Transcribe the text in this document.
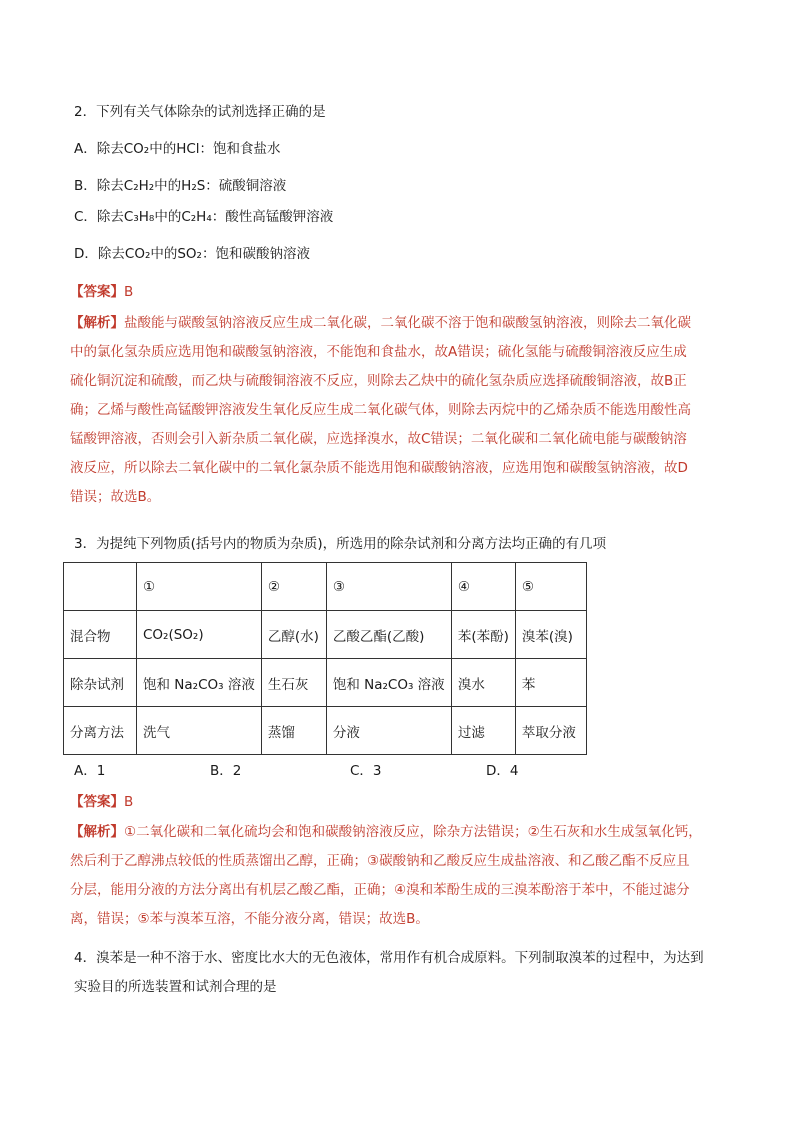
2．下列有关气体除杂的试剂选择正确的是
A．除去CO₂中的HCl：饱和食盐水
B．除去C₂H₂中的H₂S：硫酸铜溶液
C．除去C₃H₈中的C₂H₄：酸性高锰酸钾溶液
D．除去CO₂中的SO₂：饱和碳酸钠溶液
【答案】B

【解析】盐酸能与碳酸氢钠溶液反应生成二氧化碳，二氧化碳不溶于饱和碳酸氢钠溶液，则除去二氧化碳

中的氯化氢杂质应选用饱和碳酸氢钠溶液，不能饱和食盐水，故A错误；硫化氢能与硫酸铜溶液反应生成

硫化铜沉淀和硫酸，而乙炔与硫酸铜溶液不反应，则除去乙炔中的硫化氢杂质应选择硫酸铜溶液，故B正

确；乙烯与酸性高锰酸钾溶液发生氧化反应生成二氧化碳气体，则除去丙烷中的乙烯杂质不能选用酸性高

锰酸钾溶液，否则会引入新杂质二氧化碳，应选择溴水，故C错误；二氧化碳和二氧化硫电能与碳酸钠溶

液反应，所以除去二氧化碳中的二氧化氯杂质不能选用饱和碳酸钠溶液，应选用饱和碳酸氢钠溶液，故D

错误；故选B。

3．为提纯下列物质(括号内的物质为杂质)，所选用的除杂试剂和分离方法均正确的有几项
	①	②	③	④	⑤
混合物	CO₂(SO₂)	乙醇(水)	乙酸乙酯(乙酸)	苯(苯酚)	溴苯(溴)
除杂试剂	饱和 Na₂CO₃ 溶液	生石灰	饱和 Na₂CO₃ 溶液	溴水	苯
分离方法	洗气	蒸馏	分液	过滤	萃取分液
A．1	B．2	C．3	D．4
【答案】B

【解析】①二氧化碳和二氧化硫均会和饱和碳酸钠溶液反应，除杂方法错误；②生石灰和水生成氢氧化钙，

然后利于乙醇沸点较低的性质蒸馏出乙醇，正确；③碳酸钠和乙酸反应生成盐溶液、和乙酸乙酯不反应且

分层，能用分液的方法分离出有机层乙酸乙酯，正确；④溴和苯酚生成的三溴苯酚溶于苯中，不能过滤分

离，错误；⑤苯与溴苯互溶，不能分液分离，错误；故选B。

4．溴苯是一种不溶于水、密度比水大的无色液体，常用作有机合成原料。下列制取溴苯的过程中，为达到

实验目的所选装置和试剂合理的是
